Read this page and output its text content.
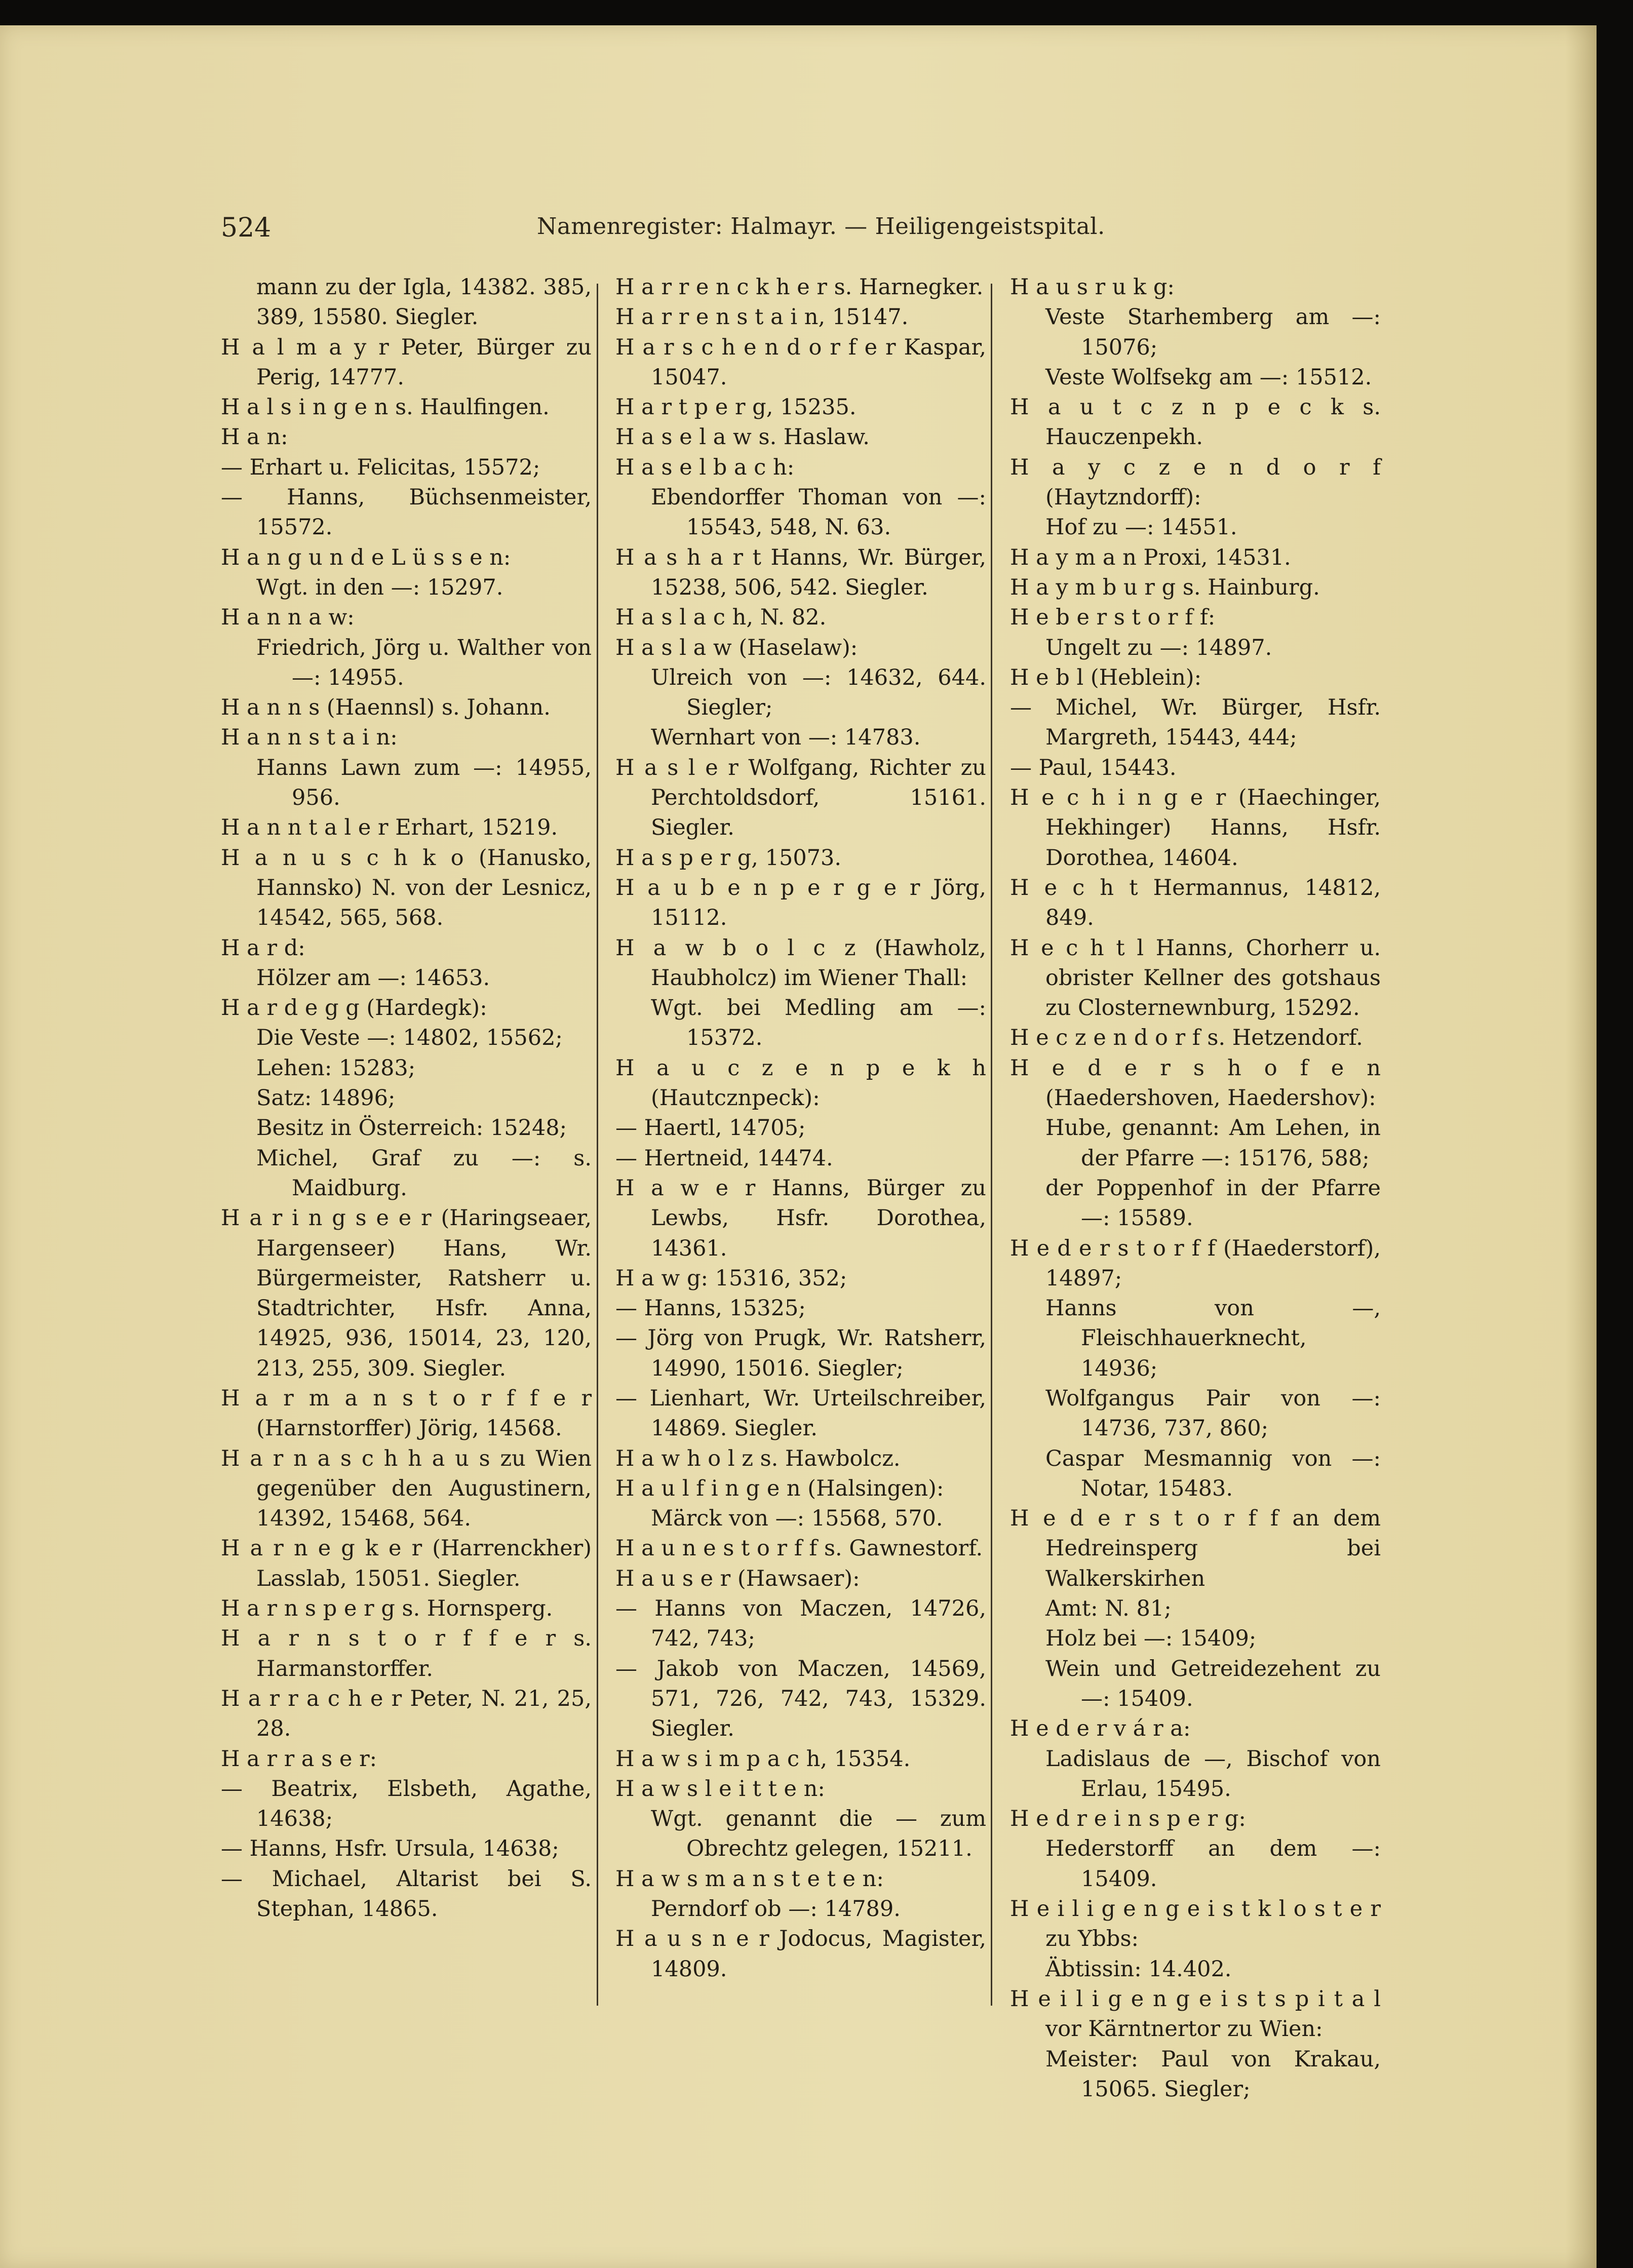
524	Namenregister: Halmayr. — Heiligengeistspital.
mann zu der Igla, 14382. 385, 389, 15580. Siegler.
H a l m a y r Peter, Bürger zu Perig, 14777.
H a l s i n g e n s. Haulfingen.
H a n:
— Erhart u. Felicitas, 15572;
— Hanns, Büchsenmeister, 15572.
H a n g u n d e L ü s s e n:
Wgt. in den —: 15297.
H a n n a w:
Friedrich, Jörg u. Walther von —: 14955.
H a n n s (Haennsl) s. Johann.
H a n n s t a i n:
Hanns Lawn zum —: 14955, 956.
H a n n t a l e r Erhart, 15219.
H a n u s c h k o (Hanusko, Hannsko) N. von der Lesnicz, 14542, 565, 568.
H a r d:
Hölzer am —: 14653.
H a r d e g g (Hardegk):
Die Veste —: 14802, 15562;
Lehen: 15283;
Satz: 14896;
Besitz in Österreich: 15248;
Michel, Graf zu —: s. Maidburg.
H a r i n g s e e r (Haringseaer, Hargenseer) Hans, Wr. Bürgermeister, Ratsherr u. Stadtrichter, Hsfr. Anna, 14925, 936, 15014, 23, 120, 213, 255, 309. Siegler.
H a r m a n s t o r f f e r (Harnstorffer) Jörig, 14568.
H a r n a s c h h a u s zu Wien gegenüber den Augustinern, 14392, 15468, 564.
H a r n e g k e r (Harrenckher) Lasslab, 15051. Siegler.
H a r n s p e r g s. Hornsperg.
H a r n s t o r f f e r s. Harmanstorffer.
H a r r a c h e r Peter, N. 21, 25, 28.
H a r r a s e r:
— Beatrix, Elsbeth, Agathe, 14638;
— Hanns, Hsfr. Ursula, 14638;
— Michael, Altarist bei S. Stephan, 14865.
H a r r e n c k h e r s. Harnegker.
H a r r e n s t a i n, 15147.
H a r s c h e n d o r f e r Kaspar, 15047.
H a r t p e r g, 15235.
H a s e l a w s. Haslaw.
H a s e l b a c h:
Ebendorffer Thoman von —: 15543, 548, N. 63.
H a s h a r t Hanns, Wr. Bürger, 15238, 506, 542. Siegler.
H a s l a c h, N. 82.
H a s l a w (Haselaw):
Ulreich von —: 14632, 644. Siegler;
Wernhart von —: 14783.
H a s l e r Wolfgang, Richter zu Perchtoldsdorf, 15161. Siegler.
H a s p e r g, 15073.
H a u b e n p e r g e r Jörg, 15112.
H a w b o l c z (Hawholz, Haubholcz) im Wiener Thall:
Wgt. bei Medling am —: 15372.
H a u c z e n p e k h (Hautcznpeck):
— Haertl, 14705;
— Hertneid, 14474.
H a w e r Hanns, Bürger zu Lewbs, Hsfr. Dorothea, 14361.
H a w g: 15316, 352;
— Hanns, 15325;
— Jörg von Prugk, Wr. Ratsherr, 14990, 15016. Siegler;
— Lienhart, Wr. Urteilschreiber, 14869. Siegler.
H a w h o l z s. Hawbolcz.
H a u l f i n g e n (Halsingen):
Märck von —: 15568, 570.
H a u n e s t o r f f s. Gawnestorf.
H a u s e r (Hawsaer):
— Hanns von Maczen, 14726, 742, 743;
— Jakob von Maczen, 14569, 571, 726, 742, 743, 15329. Siegler.
H a w s i m p a c h, 15354.
H a w s l e i t t e n:
Wgt. genannt die — zum Obrechtz gelegen, 15211.
H a w s m a n s t e t e n:
Perndorf ob —: 14789.
H a u s n e r Jodocus, Magister, 14809.
H a u s r u k g:
Veste Starhemberg am —: 15076;
Veste Wolfsekg am —: 15512.
H a u t c z n p e c k s. Hauczenpekh.
H a y c z e n d o r f (Haytzndorff):
Hof zu —: 14551.
H a y m a n Proxi, 14531.
H a y m b u r g s. Hainburg.
H e b e r s t o r f f:
Ungelt zu —: 14897.
H e b l (Heblein):
— Michel, Wr. Bürger, Hsfr. Margreth, 15443, 444;
— Paul, 15443.
H e c h i n g e r (Haechinger, Hekhinger) Hanns, Hsfr. Dorothea, 14604.
H e c h t Hermannus, 14812, 849.
H e c h t l Hanns, Chorherr u. obrister Kellner des gotshaus zu Closternewnburg, 15292.
H e c z e n d o r f s. Hetzendorf.
H e d e r s h o f e n (Haedershoven, Haedershov):
Hube, genannt: Am Lehen, in der Pfarre —: 15176, 588;
der Poppenhof in der Pfarre —: 15589.
H e d e r s t o r f f (Haederstorf), 14897;
Hanns von —, Fleischhauerknecht, 14936;
Wolfgangus Pair von —: 14736, 737, 860;
Caspar Mesmannig von —: Notar, 15483.
H e d e r s t o r f f an dem Hedreinsperg bei Walkerskirhen
Amt: N. 81;
Holz bei —: 15409;
Wein und Getreidezehent zu —: 15409.
H e d e r v á r a:
Ladislaus de —, Bischof von Erlau, 15495.
H e d r e i n s p e r g:
Hederstorff an dem —: 15409.
H e i l i g e n g e i s t k l o s t e r zu Ybbs:
Äbtissin: 14.402.
H e i l i g e n g e i s t s p i t a l vor Kärntnertor zu Wien:
Meister: Paul von Krakau, 15065. Siegler;
